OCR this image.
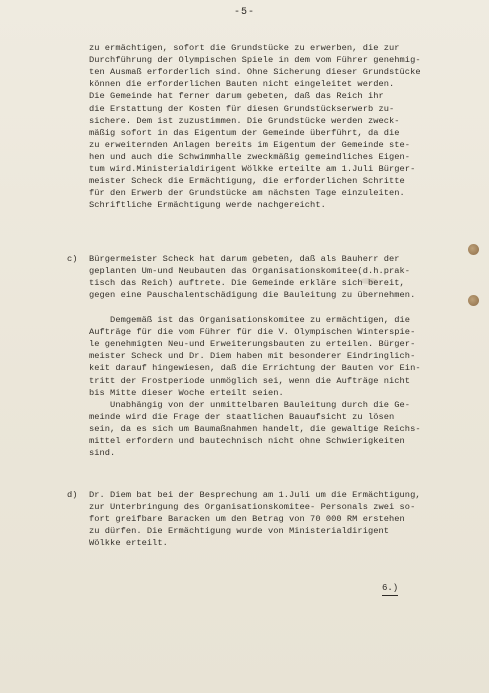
-5-
zu ermächtigen, sofort die Grundstücke zu erwerben, die zur
Durchführung der Olympischen Spiele in dem vom Führer genehmig-
ten Ausmaß erforderlich sind. Ohne Sicherung dieser Grundstücke
können die erforderlichen Bauten nicht eingeleitet werden.
Die Gemeinde hat ferner darum gebeten, daß das Reich ihr
die Erstattung der Kosten für diesen Grundstückserwerb zu-
sichere. Dem ist zuzustimmen. Die Grundstücke werden zweck-
mäßig sofort in das Eigentum der Gemeinde überführt, da die
zu erweiternden Anlagen bereits im Eigentum der Gemeinde ste-
hen und auch die Schwimmhalle zweckmäßig gemeindliches Eigen-
tum wird.Ministerialdirigent Wölkke erteilte am 1.Juli Bürger-
meister Scheck die Ermächtigung, die erforderlichen Schritte
für den Erwerb der Grundstücke am nächsten Tage einzuleiten.
Schriftliche Ermächtigung werde nachgereicht.
c) Bürgermeister Scheck hat darum gebeten, daß als Bauherr der
geplanten Um-und Neubauten das Organisationskomitee(d.h.prak-
tisch das Reich) auftrete. Die Gemeinde erkläre sich bereit,
gegen eine Pauschalentschädigung die Bauleitung zu übernehmen.
Demgemäß ist das Organisationskomitee zu ermächtigen, die
Aufträge für die vom Führer für die V. Olympischen Winterspie-
le genehmigten Neu-und Erweiterungsbauten zu erteilen. Bürger-
meister Scheck und Dr. Diem haben mit besonderer Eindringlich-
keit darauf hingewiesen, daß die Errichtung der Bauten vor Ein-
tritt der Frostperiode unmöglich sei, wenn die Aufträge nicht
bis Mitte dieser Woche erteilt seien.
Unabhängig von der unmittelbaren Bauleitung durch die Ge-
meinde wird die Frage der staatlichen Bauaufsicht zu lösen
sein, da es sich um Baumaßnahmen handelt, die gewaltige Reichs-
mittel erfordern und bautechnisch nicht ohne Schwierigkeiten
sind.
d) Dr. Diem bat bei der Besprechung am 1.Juli um die Ermächtigung,
zur Unterbringung des Organisationskomitee- Personals zwei so-
fort greifbare Baracken um den Betrag von 70 000 RM erstehen
zu dürfen. Die Ermächtigung wurde von Ministerialdirigent
Wölkke erteilt.
6.)
